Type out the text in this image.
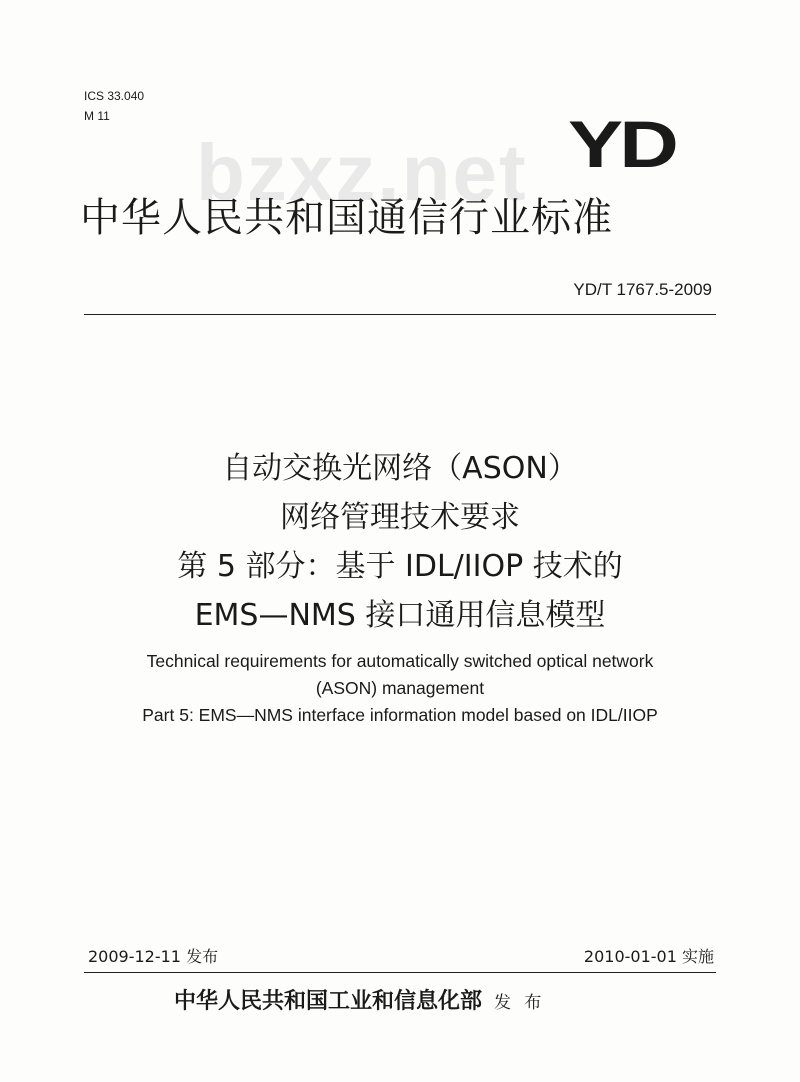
ICS 33.040
M 11
bzxz.net YD
中华人民共和国通信行业标准
YD/T 1767.5-2009
自动交换光网络（ASON）
网络管理技术要求
第 5 部分：基于 IDL/IIOP 技术的
EMS—NMS 接口通用信息模型
Technical requirements for automatically switched optical network
(ASON) management
Part 5: EMS—NMS interface information model based on IDL/IIOP
2009-12-11 发布	2010-01-01 实施
中华人民共和国工业和信息化部 发 布
